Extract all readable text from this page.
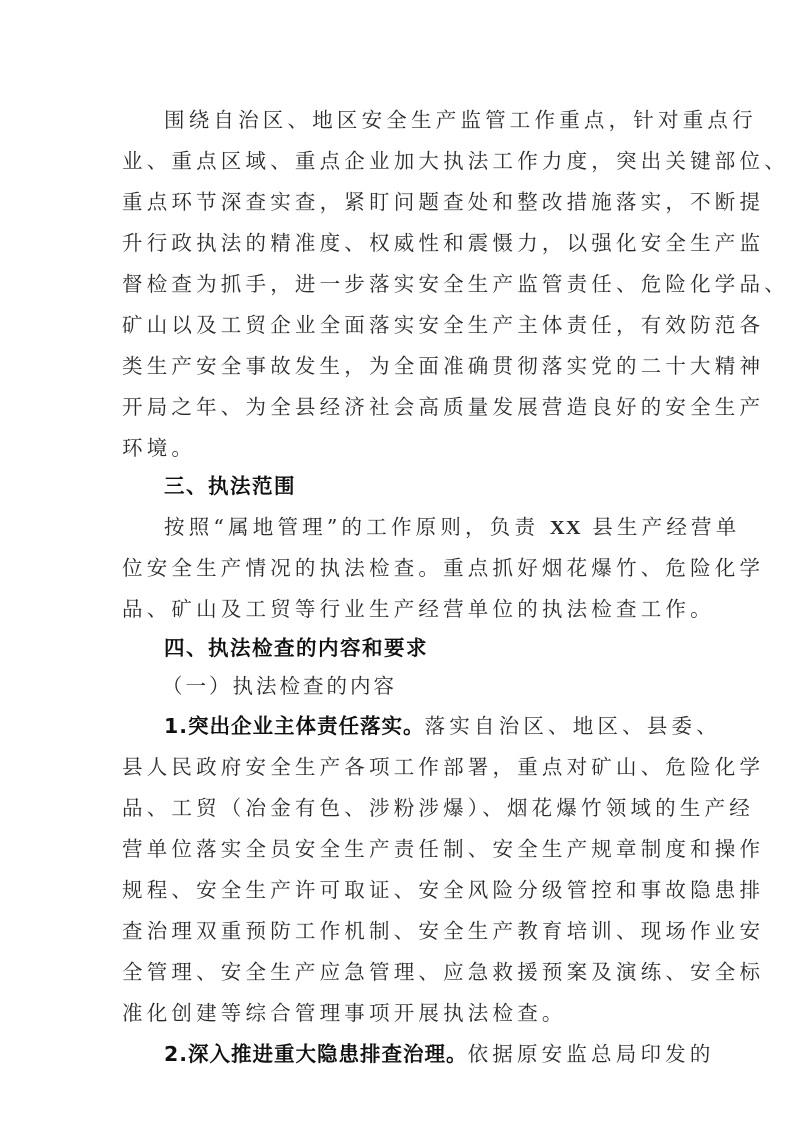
围绕自治区、地区安全生产监管工作重点，针对重点行
业、重点区域、重点企业加大执法工作力度，突出关键部位、
重点环节深查实查，紧盯问题查处和整改措施落实，不断提
升行政执法的精准度、权威性和震慑力，以强化安全生产监
督检查为抓手，进一步落实安全生产监管责任、危险化学品、
矿山以及工贸企业全面落实安全生产主体责任，有效防范各
类生产安全事故发生，为全面准确贯彻落实党的二十大精神
开局之年、为全县经济社会高质量发展营造良好的安全生产
环境。
三、执法范围
按照“属地管理”的工作原则，负责 XX 县生产经营单
位安全生产情况的执法检查。重点抓好烟花爆竹、危险化学
品、矿山及工贸等行业生产经营单位的执法检查工作。
四、执法检查的内容和要求
（一）执法检查的内容
1.突出企业主体责任落实。落实自治区、地区、县委、
县人民政府安全生产各项工作部署，重点对矿山、危险化学
品、工贸（冶金有色、涉粉涉爆）、烟花爆竹领域的生产经
营单位落实全员安全生产责任制、安全生产规章制度和操作
规程、安全生产许可取证、安全风险分级管控和事故隐患排
查治理双重预防工作机制、安全生产教育培训、现场作业安
全管理、安全生产应急管理、应急救援预案及演练、安全标
准化创建等综合管理事项开展执法检查。
2.深入推进重大隐患排查治理。依据原安监总局印发的
